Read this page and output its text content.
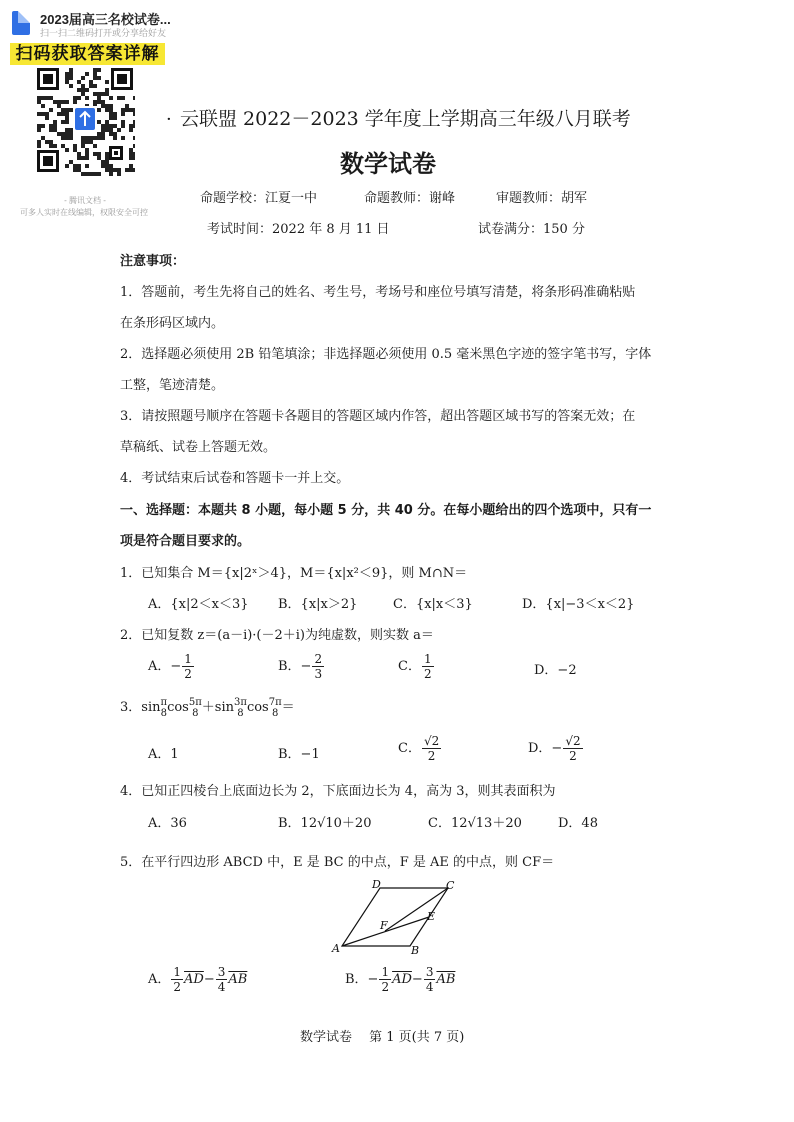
2023届高三名校试卷...
扫一扫二维码打开或分享给好友
扫码获取答案详解
- 腾讯文档 -
可多人实时在线编辑，权限安全可控
· 云联盟 2022－2023 学年度上学期高三年级八月联考
数学试卷
命题学校：江夏一中	命题教师：谢峰	审题教师：胡军
考试时间：2022 年 8 月 11 日	试卷满分：150 分
注意事项：
1．答题前，考生先将自己的姓名、考生号，考场号和座位号填写清楚，将条形码准确粘贴
在条形码区域内。
2．选择题必须使用 2B 铅笔填涂；非选择题必须使用 0.5 毫米黑色字迹的签字笔书写，字体
工整，笔迹清楚。
3．请按照题号顺序在答题卡各题目的答题区域内作答，超出答题区域书写的答案无效；在
草稿纸、试卷上答题无效。
4．考试结束后试卷和答题卡一并上交。
一、选择题：本题共 8 小题，每小题 5 分，共 40 分。在每小题给出的四个选项中，只有一
项是符合题目要求的。
1．已知集合 M＝{x|2ˣ＞4}，M＝{x|x²＜9}，则 M∩N＝
A．{x|2＜x＜3} B．{x|x＞2}	C．{x|x＜3}	D．{x|−3＜x＜2}
2．已知复数 z＝(a－i)·(－2＋i)为纯虚数，则实数 a＝
A．− $\frac{1}{2}$	B．− $\frac{2}{3}$	C． $\frac{1}{2}$	D．−2
3．sin π
8 cos 5π
8 ＋sin 3π
8 cos 7π
8 ＝
A．1	B．−1	C． $\frac{√2}{2}$	D．− $\frac{√2}{2}$
4．已知正四棱台上底面边长为 2，下底面边长为 4，高为 3，则其表面积为
A．36	B．12√10＋20	C．12√13＋20	D．48
5．在平行四边形 ABCD 中，E 是 BC 的中点，F 是 AE 的中点，则 CF＝
A	B
C
D
E
F
A． $\frac{1}{2} \overline{AD}- \frac{3}{4} \overline{AB}$	B．− $\frac{1}{2} \overline{AD}- \frac{3}{4} \overline{AB}$
数学试卷　 第 1 页(共 7 页)
